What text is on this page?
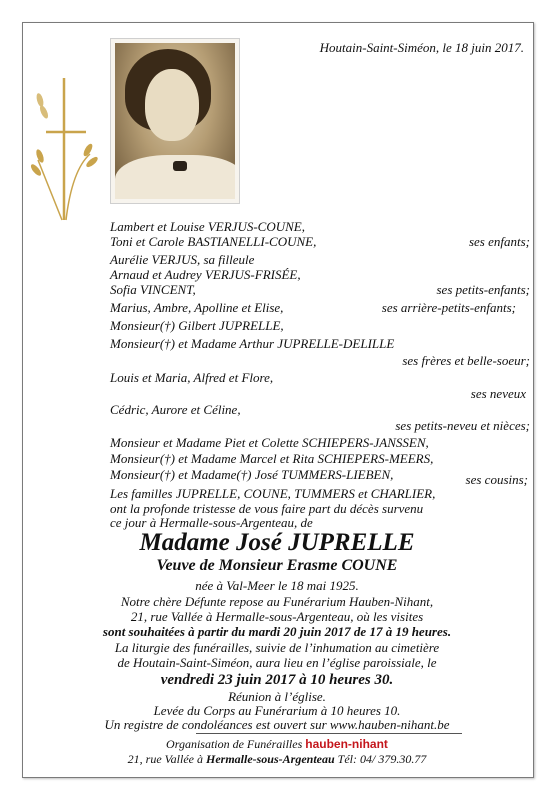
Houtain-Saint-Siméon, le 18 juin 2017.
Lambert et Louise VERJUS-COUNE,
Toni et Carole BASTIANELLI-COUNE,	ses enfants;
Aurélie VERJUS, sa filleule
Arnaud et Audrey VERJUS-FRISÉE,
Sofia VINCENT,	ses petits-enfants;
Marius, Ambre, Apolline et Elise,	ses arrière-petits-enfants;
Monsieur(†) Gilbert JUPRELLE,
Monsieur(†) et Madame Arthur JUPRELLE-DELILLE
ses frères et belle-soeur;
Louis et Maria, Alfred et Flore,
ses neveux
Cédric, Aurore et Céline,
ses petits-neveu et nièces;
Monsieur et Madame Piet et Colette SCHIEPERS-JANSSEN,
Monsieur(†) et Madame Marcel et Rita SCHIEPERS-MEERS,
Monsieur(†) et Madame(†) José TUMMERS-LIEBEN,	ses cousins;
Les familles JUPRELLE, COUNE, TUMMERS et CHARLIER,
ont la profonde tristesse de vous faire part du décès survenu
ce jour à Hermalle-sous-Argenteau, de
Madame José JUPRELLE
Veuve de Monsieur Erasme COUNE
née à Val-Meer le 18 mai 1925.
Notre chère Défunte repose au Funérarium Hauben-Nihant,
21, rue Vallée à Hermalle-sous-Argenteau, où les visites
sont souhaitées à partir du mardi 20 juin 2017 de 17 à 19 heures.
La liturgie des funérailles, suivie de l’inhumation au cimetière
de Houtain-Saint-Siméon, aura lieu en l’église paroissiale, le
vendredi 23 juin 2017 à 10 heures 30.
Réunion à l’église.
Levée du Corps au Funérarium à 10 heures 10.
Un registre de condoléances est ouvert sur www.hauben-nihant.be
Organisation de Funérailles hauben-nihant
21, rue Vallée à Hermalle-sous-Argenteau Tél: 04/ 379.30.77
